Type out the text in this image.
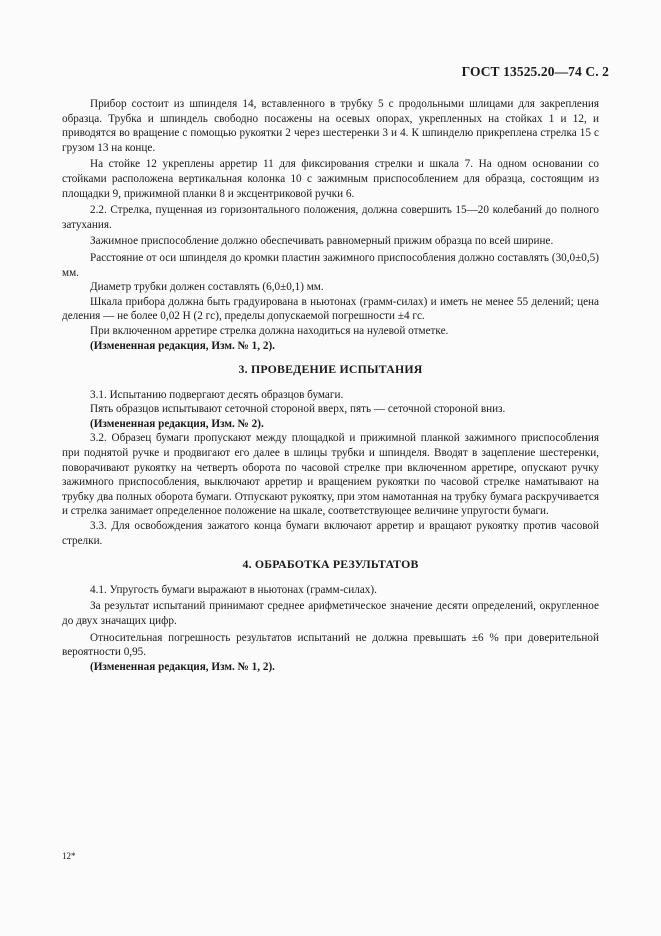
ГОСТ 13525.20—74 С. 2

Прибор состоит из шпинделя 14, вставленного в трубку 5 с продольными шлицами для закрепления образца. Трубка и шпиндель свободно посажены на осевых опорах, укрепленных на стойках 1 и 12, и приводятся во вращение с помощью рукоятки 2 через шестеренки 3 и 4. К шпинделю прикреплена стрелка 15 с грузом 13 на конце.

На стойке 12 укреплены арретир 11 для фиксирования стрелки и шкала 7. На одном основании со стойками расположена вертикальная колонка 10 с зажимным приспособлением для образца, состоящим из площадки 9, прижимной планки 8 и эксцентриковой ручки 6.

2.2. Стрелка, пущенная из горизонтального положения, должна совершить 15—20 колебаний до полного затухания.

Зажимное приспособление должно обеспечивать равномерный прижим образца по всей ширине.

Расстояние от оси шпинделя до кромки пластин зажимного приспособления должно составлять (30,0±0,5) мм.

Диаметр трубки должен составлять (6,0±0,1) мм.

Шкала прибора должна быть градуирована в ньютонах (грамм-силах) и иметь не менее 55 делений; цена деления — не более 0,02 Н (2 гс), пределы допускаемой погрешности ±4 гс.

При включенном арретире стрелка должна находиться на нулевой отметке.

(Измененная редакция, Изм. № 1, 2).

3. ПРОВЕДЕНИЕ ИСПЫТАНИЯ

3.1. Испытанию подвергают десять образцов бумаги.

Пять образцов испытывают сеточной стороной вверх, пять — сеточной стороной вниз.

(Измененная редакция, Изм. № 2).

3.2. Образец бумаги пропускают между площадкой и прижимной планкой зажимного приспособления при поднятой ручке и продвигают его далее в шлицы трубки и шпинделя. Вводят в зацепление шестеренки, поворачивают рукоятку на четверть оборота по часовой стрелке при включенном арретире, опускают ручку зажимного приспособления, выключают арретир и вращением рукоятки по часовой стрелке наматывают на трубку два полных оборота бумаги. Отпускают рукоятку, при этом намотанная на трубку бумага раскручивается и стрелка занимает определенное положение на шкале, соответствующее величине упругости бумаги.

3.3. Для освобождения зажатого конца бумаги включают арретир и вращают рукоятку против часовой стрелки.

4. ОБРАБОТКА РЕЗУЛЬТАТОВ

4.1. Упругость бумаги выражают в ньютонах (грамм-силах).

За результат испытаний принимают среднее арифметическое значение десяти определений, округленное до двух значащих цифр.

Относительная погрешность результатов испытаний не должна превышать ±6 % при доверительной вероятности 0,95.

(Измененная редакция, Изм. № 1, 2).

12*
